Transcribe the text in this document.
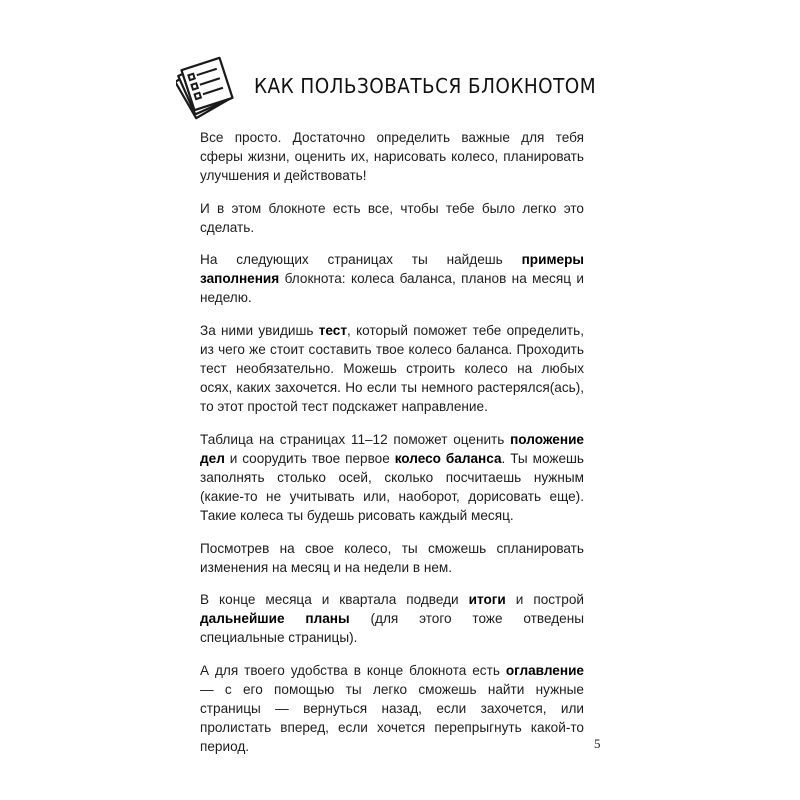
КАК ПОЛЬЗОВАТЬСЯ БЛОКНОТОМ

Все просто. Достаточно определить важные для тебя сферы жизни, оценить их, нарисовать колесо, планировать улучшения и действовать!

И в этом блокноте есть все, чтобы тебе было легко это сделать.

На следующих страницах ты найдешь примеры заполнения блокнота: колеса баланса, планов на месяц и неделю.

За ними увидишь тест, который поможет тебе определить, из чего же стоит составить твое колесо баланса. Проходить тест необязательно. Можешь строить колесо на любых осях, каких захочется. Но если ты немного растерялся(ась), то этот простой тест подскажет направление.

Таблица на страницах 11–12 поможет оценить положение дел и соорудить твое первое колесо баланса. Ты можешь заполнять столько осей, сколько посчитаешь нужным (какие-то не учитывать или, наоборот, дорисовать еще). Такие колеса ты будешь рисовать каждый месяц.

Посмотрев на свое колесо, ты сможешь спланировать изменения на месяц и на недели в нем.

В конце месяца и квартала подведи итоги и построй дальнейшие планы (для этого тоже отведены специальные страницы).

А для твоего удобства в конце блокнота есть оглавление — с его помощью ты легко сможешь найти нужные страницы — вернуться назад, если захочется, или пролистать вперед, если хочется перепрыгнуть какой-то период.	5
